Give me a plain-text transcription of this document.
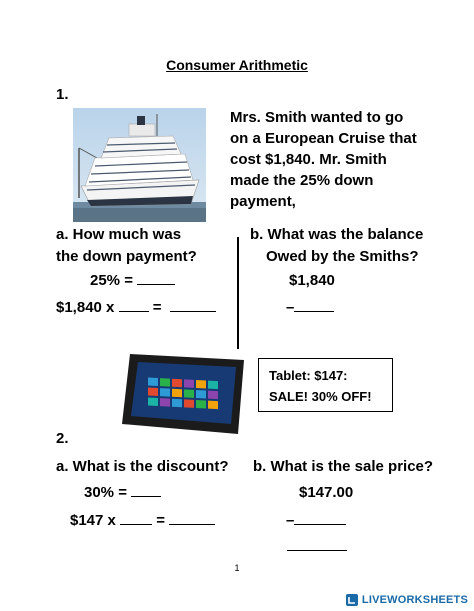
Consumer Arithmetic
1.
Mrs. Smith wanted to go
on a European Cruise that
cost $1,840. Mr. Smith
made the 25% down
payment,
a. How much was
the down payment?
25% =
$1,840 x  =
b. What was the balance
Owed by the Smiths?
$1,840
–
Tablet: $147:
SALE! 30% OFF!
2.
a. What is the discount?
30% =
$147 x  =
b. What is the sale price?
$147.00
–
1
LIVEWORKSHEETS
